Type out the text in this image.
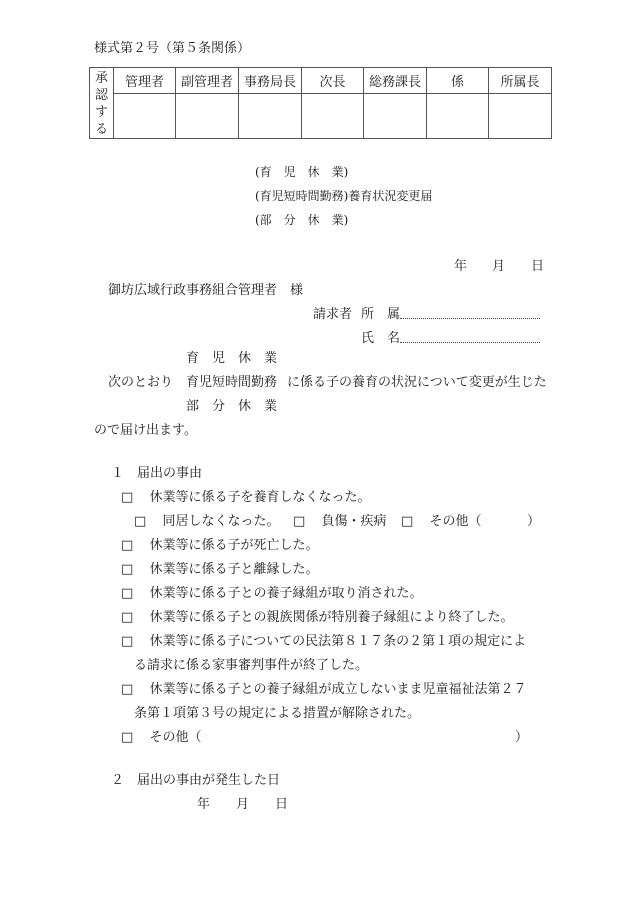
様式第２号（第５条関係）
承
認
す
る	管理者	副管理者	事務局長	次長	総務課長	係	所属長

(育　児　休　業)
(育児短時間勤務)養育状況変更届
(部　分　休　業)
年 月 日
御坊広域行政事務組合管理者　様
請求者 所　属
氏　名
育　児　休　業
次のとおり 育児短時間勤務 に係る子の養育の状況について変更が生じた
部　分　休　業
ので届け出ます。
１　届出の事由
□ 休業等に係る子を養育しなくなった。
□ 同居しなくなった。 □ 負傷・疾病 □ その他（	）
□ 休業等に係る子が死亡した。
□ 休業等に係る子と離縁した。
□ 休業等に係る子との養子縁組が取り消された。
□ 休業等に係る子との親族関係が特別養子縁組により終了した。
□ 休業等に係る子についての民法第８１７条の２第１項の規定によ
る請求に係る家事審判事件が終了した。
□ 休業等に係る子との養子縁組が成立しないまま児童福祉法第２７
条第１項第３号の規定による措置が解除された。
□ その他（	）
２　届出の事由が発生した日
年 月 日
